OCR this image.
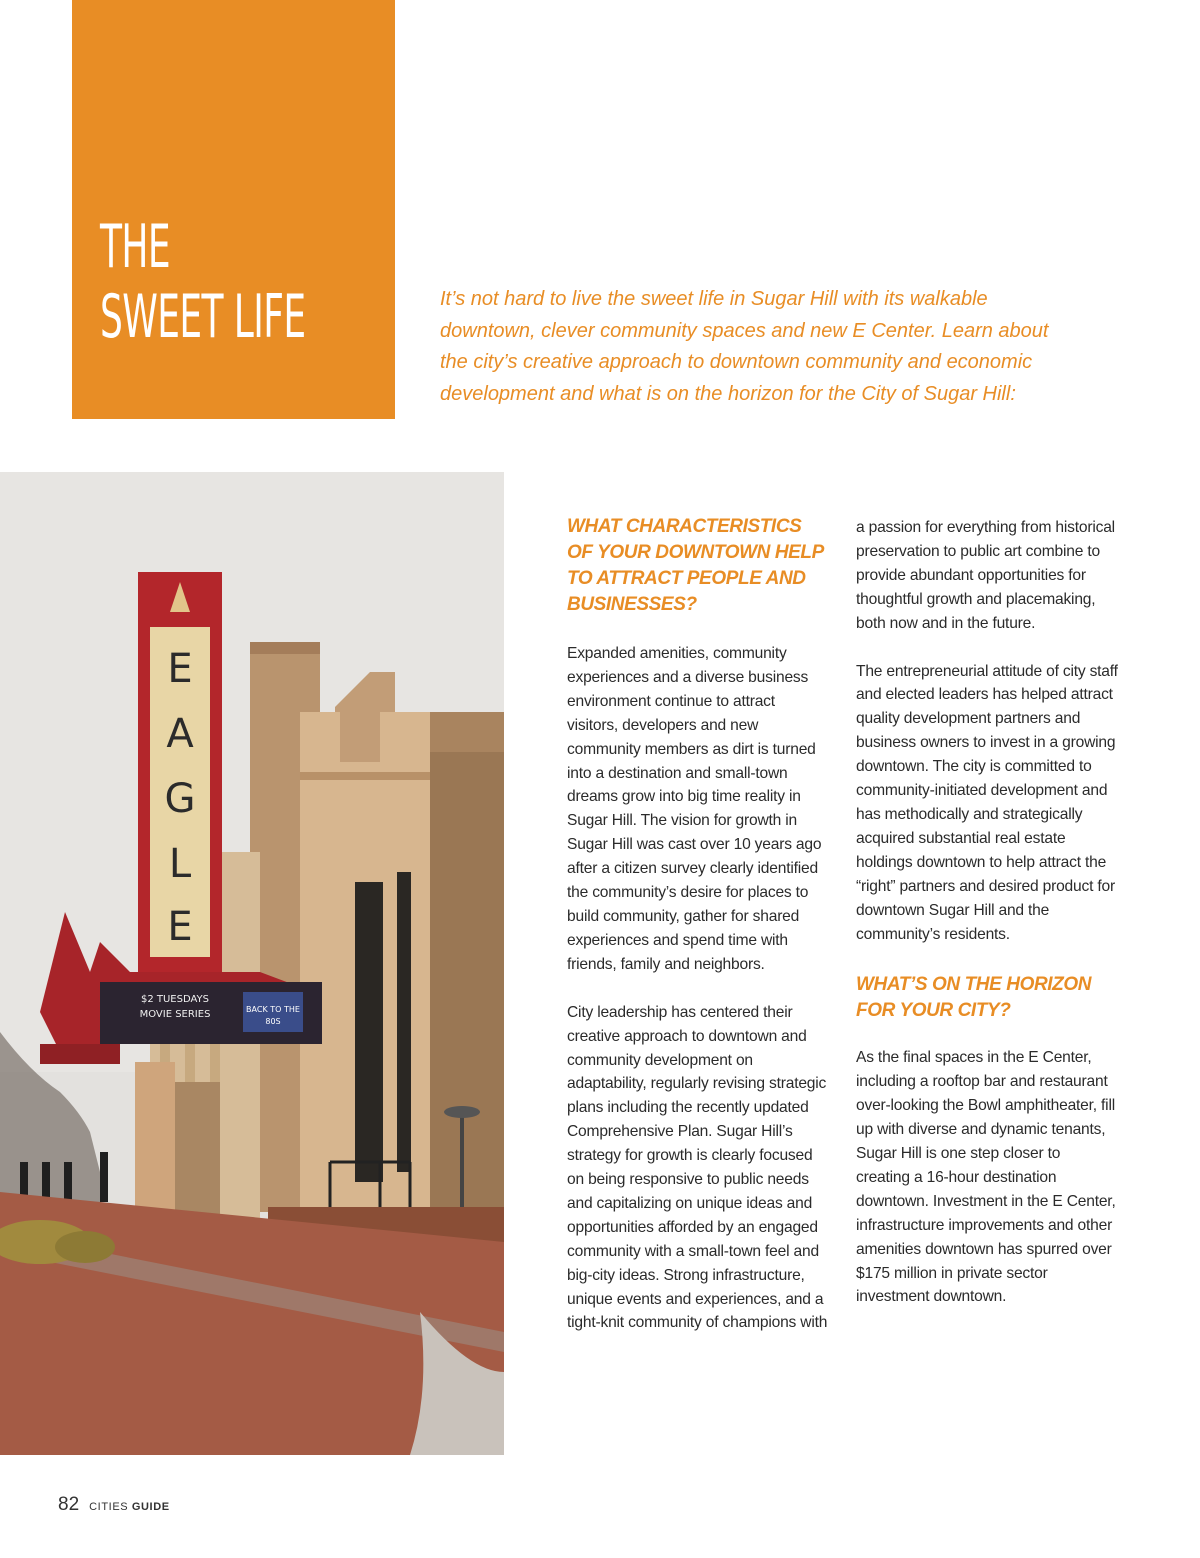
THE
SWEET LIFE	It’s not hard to live the sweet life in Sugar Hill with its walkable downtown, clever community spaces and new E Center. Learn about the city’s creative approach to downtown community and economic development and what is on the horizon for the City of Sugar Hill:

E
A
G
L
E
$2 TUESDAYS
MOVIE SERIES	BACK TO THE
80S
WHAT CHARACTERISTICS OF YOUR DOWNTOWN HELP TO ATTRACT PEOPLE AND BUSINESSES?

Expanded amenities, community experiences and a diverse business environment continue to attract visitors, developers and new community members as dirt is turned into a destination and small-town dreams grow into big time reality in Sugar Hill. The vision for growth in Sugar Hill was cast over 10 years ago after a citizen survey clearly identified the community’s desire for places to build community, gather for shared experiences and spend time with friends, family and neighbors.

City leadership has centered their creative approach to downtown and community development on adaptability, regularly revising strategic plans including the recently updated Comprehensive Plan. Sugar Hill’s strategy for growth is clearly focused on being responsive to public needs and capitalizing on unique ideas and opportunities afforded by an engaged community with a small-town feel and big-city ideas. Strong infrastructure, unique events and experiences, and a tight-knit community of champions with

a passion for everything from historical preservation to public art combine to provide abundant opportunities for thoughtful growth and placemaking, both now and in the future.

The entrepreneurial attitude of city staff and elected leaders has helped attract quality development partners and business owners to invest in a growing downtown. The city is committed to community-initiated development and has methodically and strategically acquired substantial real estate holdings downtown to help attract the “right” partners and desired product for downtown Sugar Hill and the community’s residents.

WHAT’S ON THE HORIZON FOR YOUR CITY?

As the final spaces in the E Center, including a rooftop bar and restaurant over-looking the Bowl amphitheater, fill up with diverse and dynamic tenants, Sugar Hill is one step closer to creating a 16-hour destination downtown. Investment in the E Center, infrastructure improvements and other amenities downtown has spurred over $175 million in private sector investment downtown.

82 CITIES GUIDE
